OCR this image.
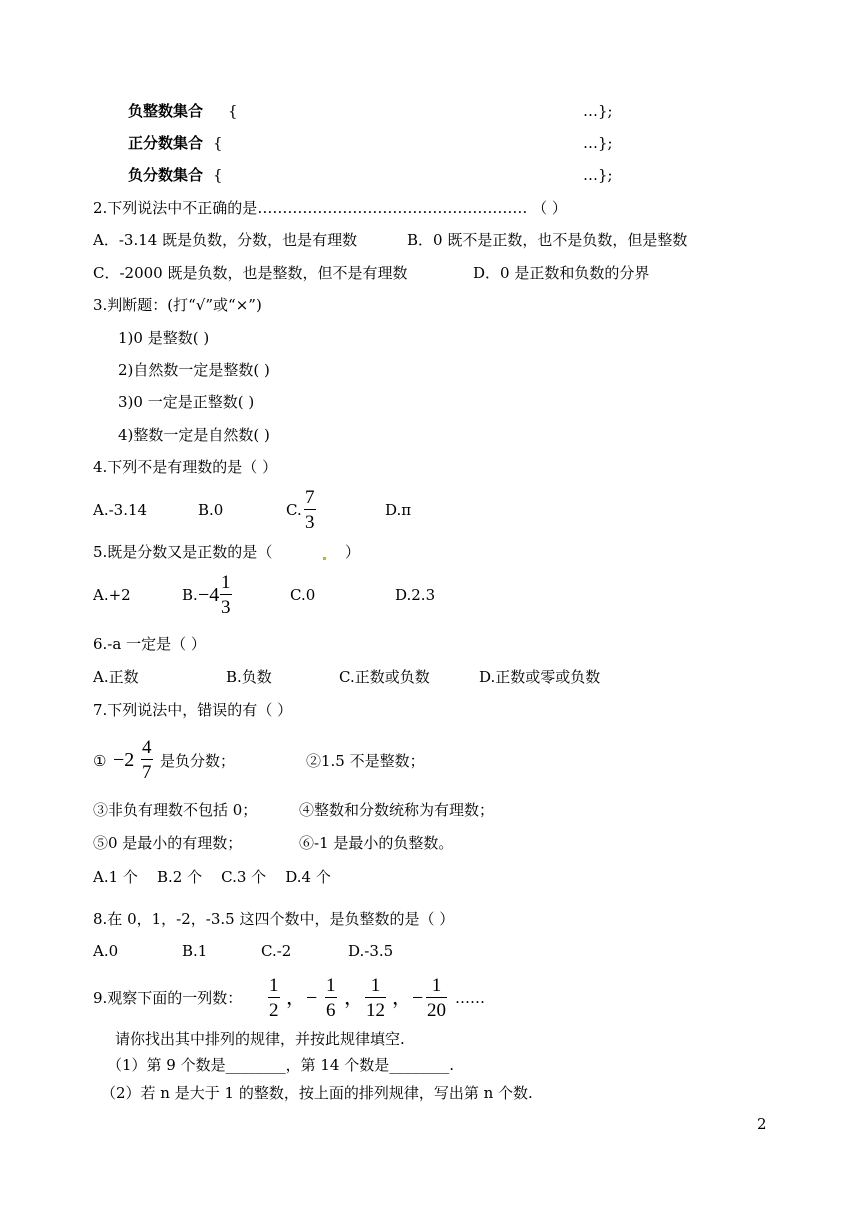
负整数集合 {	…};
正分数集合 {	…};
负分数集合 {	…};
2.下列说法中不正确的是……………………………………………… （ ）
A．-3.14 既是负数，分数，也是有理数	B．0 既不是正数，也不是负数，但是整数
C．-2000 既是负数，也是整数，但不是有理数	D．0 是正数和负数的分界
3.判断题：(打“√”或“×”)
1)0 是整数( )
2)自然数一定是整数( )
3)0 一定是正整数( )
4)整数一定是自然数( )
4.下列不是有理数的是（ ）
A.-3.14	B.0	C.
7
3
D.π
5.既是分数又是正数的是（	）
A.+2	B. −4
1
3
C.0	D.2.3
6.-a 一定是（ ）
A.正数	B.负数	C.正数或负数	D.正数或零或负数
7.下列说法中，错误的有（ ）
① −2
4
7
是负分数；	②1.5 不是整数；
③非负有理数不包括 0；	④整数和分数统称为有理数；
⑤0 是最小的有理数；	⑥-1 是最小的负整数。
A.1 个    B.2 个    C.3 个    D.4 个
8.在 0，1，-2，-3.5 这四个数中，是负整数的是（ ）
A.0	B.1	C.-2	D.-3.5
9.观察下面的一列数：
1
2
，−
1
6
，
1
12
，−
1
20
……
请你找出其中排列的规律，并按此规律填空.
（1）第 9 个数是________，第 14 个数是________.
（2）若 n 是大于 1 的整数，按上面的排列规律，写出第 n 个数.
2
